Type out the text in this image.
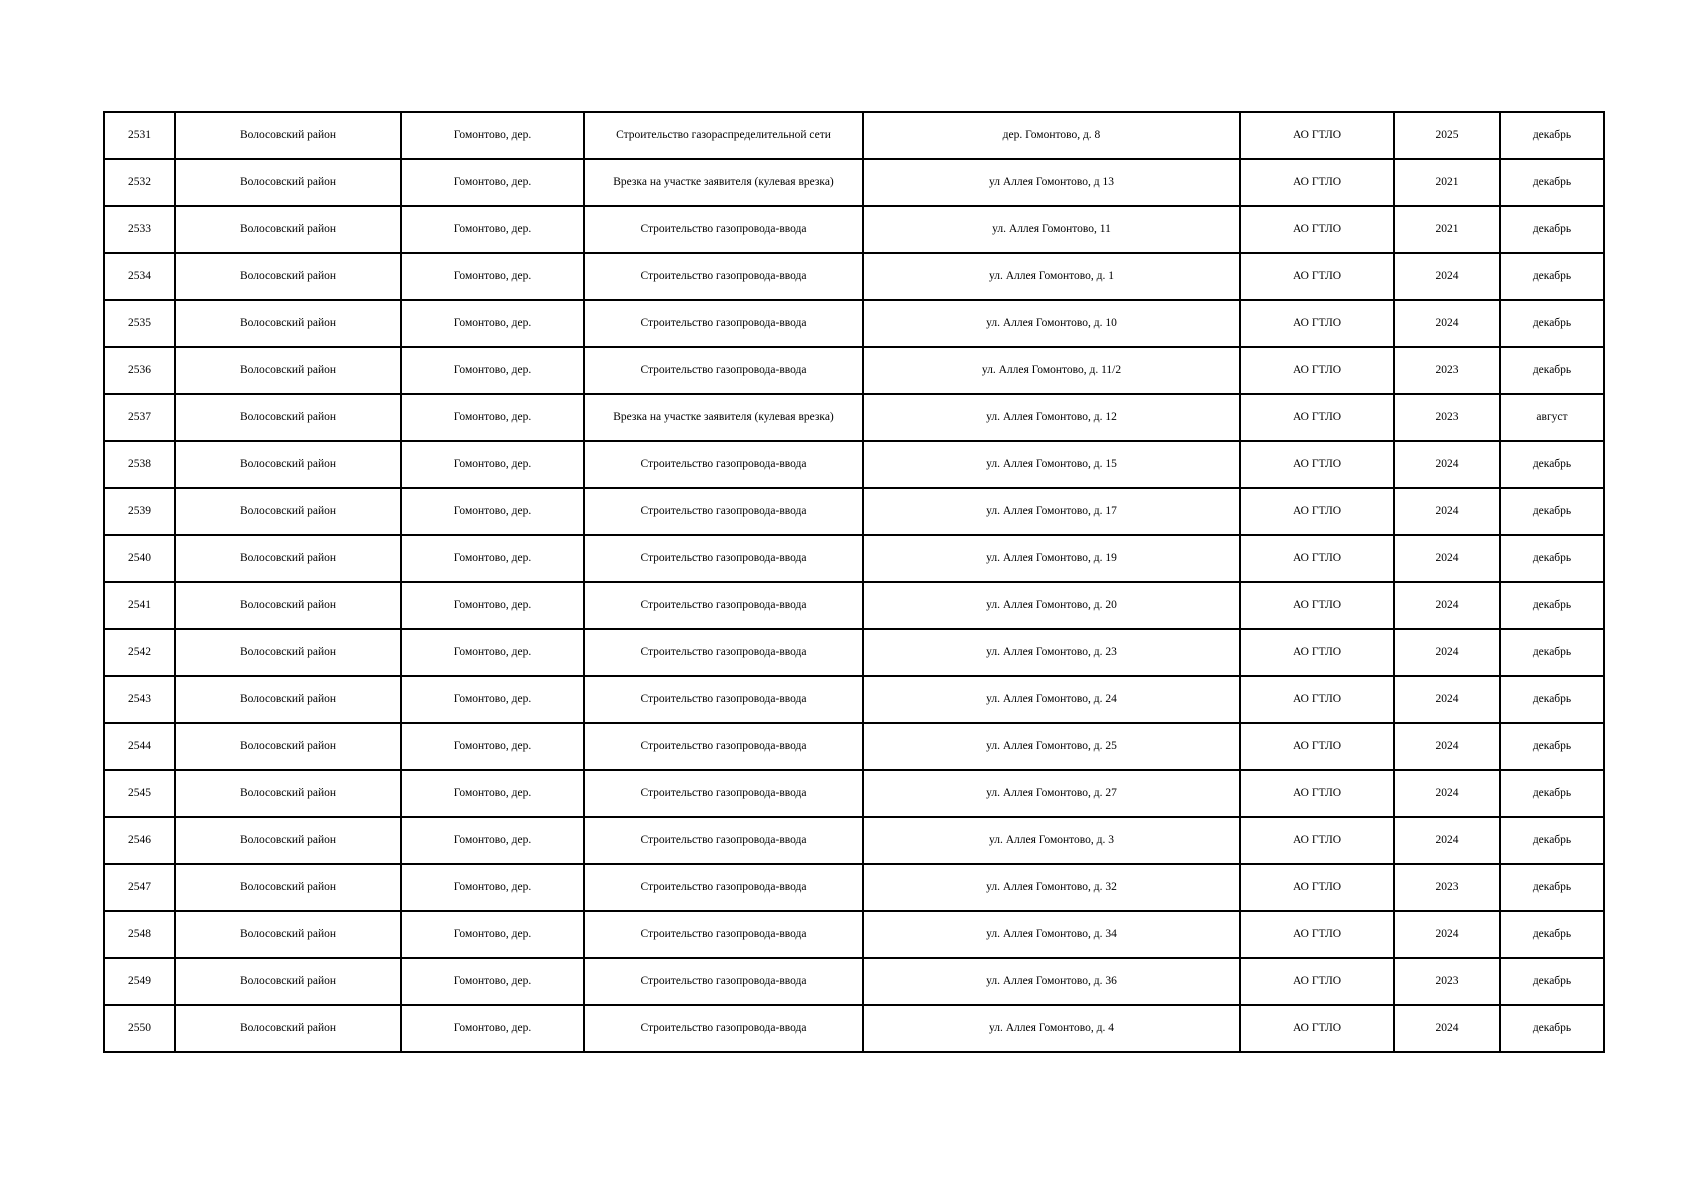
2531	Волосовский район	Гомонтово, дер.	Строительство газораспределительной сети	дер. Гомонтово, д. 8	АО ГТЛО	2025	декабрь
2532	Волосовский район	Гомонтово, дер.	Врезка на участке заявителя (кулевая врезка)	ул Аллея Гомонтово, д 13	АО ГТЛО	2021	декабрь
2533	Волосовский район	Гомонтово, дер.	Строительство газопровода-ввода	ул. Аллея Гомонтово, 11	АО ГТЛО	2021	декабрь
2534	Волосовский район	Гомонтово, дер.	Строительство газопровода-ввода	ул. Аллея Гомонтово, д. 1	АО ГТЛО	2024	декабрь
2535	Волосовский район	Гомонтово, дер.	Строительство газопровода-ввода	ул. Аллея Гомонтово, д. 10	АО ГТЛО	2024	декабрь
2536	Волосовский район	Гомонтово, дер.	Строительство газопровода-ввода	ул. Аллея Гомонтово, д. 11/2	АО ГТЛО	2023	декабрь
2537	Волосовский район	Гомонтово, дер.	Врезка на участке заявителя (кулевая врезка)	ул. Аллея Гомонтово, д. 12	АО ГТЛО	2023	август
2538	Волосовский район	Гомонтово, дер.	Строительство газопровода-ввода	ул. Аллея Гомонтово, д. 15	АО ГТЛО	2024	декабрь
2539	Волосовский район	Гомонтово, дер.	Строительство газопровода-ввода	ул. Аллея Гомонтово, д. 17	АО ГТЛО	2024	декабрь
2540	Волосовский район	Гомонтово, дер.	Строительство газопровода-ввода	ул. Аллея Гомонтово, д. 19	АО ГТЛО	2024	декабрь
2541	Волосовский район	Гомонтово, дер.	Строительство газопровода-ввода	ул. Аллея Гомонтово, д. 20	АО ГТЛО	2024	декабрь
2542	Волосовский район	Гомонтово, дер.	Строительство газопровода-ввода	ул. Аллея Гомонтово, д. 23	АО ГТЛО	2024	декабрь
2543	Волосовский район	Гомонтово, дер.	Строительство газопровода-ввода	ул. Аллея Гомонтово, д. 24	АО ГТЛО	2024	декабрь
2544	Волосовский район	Гомонтово, дер.	Строительство газопровода-ввода	ул. Аллея Гомонтово, д. 25	АО ГТЛО	2024	декабрь
2545	Волосовский район	Гомонтово, дер.	Строительство газопровода-ввода	ул. Аллея Гомонтово, д. 27	АО ГТЛО	2024	декабрь
2546	Волосовский район	Гомонтово, дер.	Строительство газопровода-ввода	ул. Аллея Гомонтово, д. 3	АО ГТЛО	2024	декабрь
2547	Волосовский район	Гомонтово, дер.	Строительство газопровода-ввода	ул. Аллея Гомонтово, д. 32	АО ГТЛО	2023	декабрь
2548	Волосовский район	Гомонтово, дер.	Строительство газопровода-ввода	ул. Аллея Гомонтово, д. 34	АО ГТЛО	2024	декабрь
2549	Волосовский район	Гомонтово, дер.	Строительство газопровода-ввода	ул. Аллея Гомонтово, д. 36	АО ГТЛО	2023	декабрь
2550	Волосовский район	Гомонтово, дер.	Строительство газопровода-ввода	ул. Аллея Гомонтово, д. 4	АО ГТЛО	2024	декабрь
